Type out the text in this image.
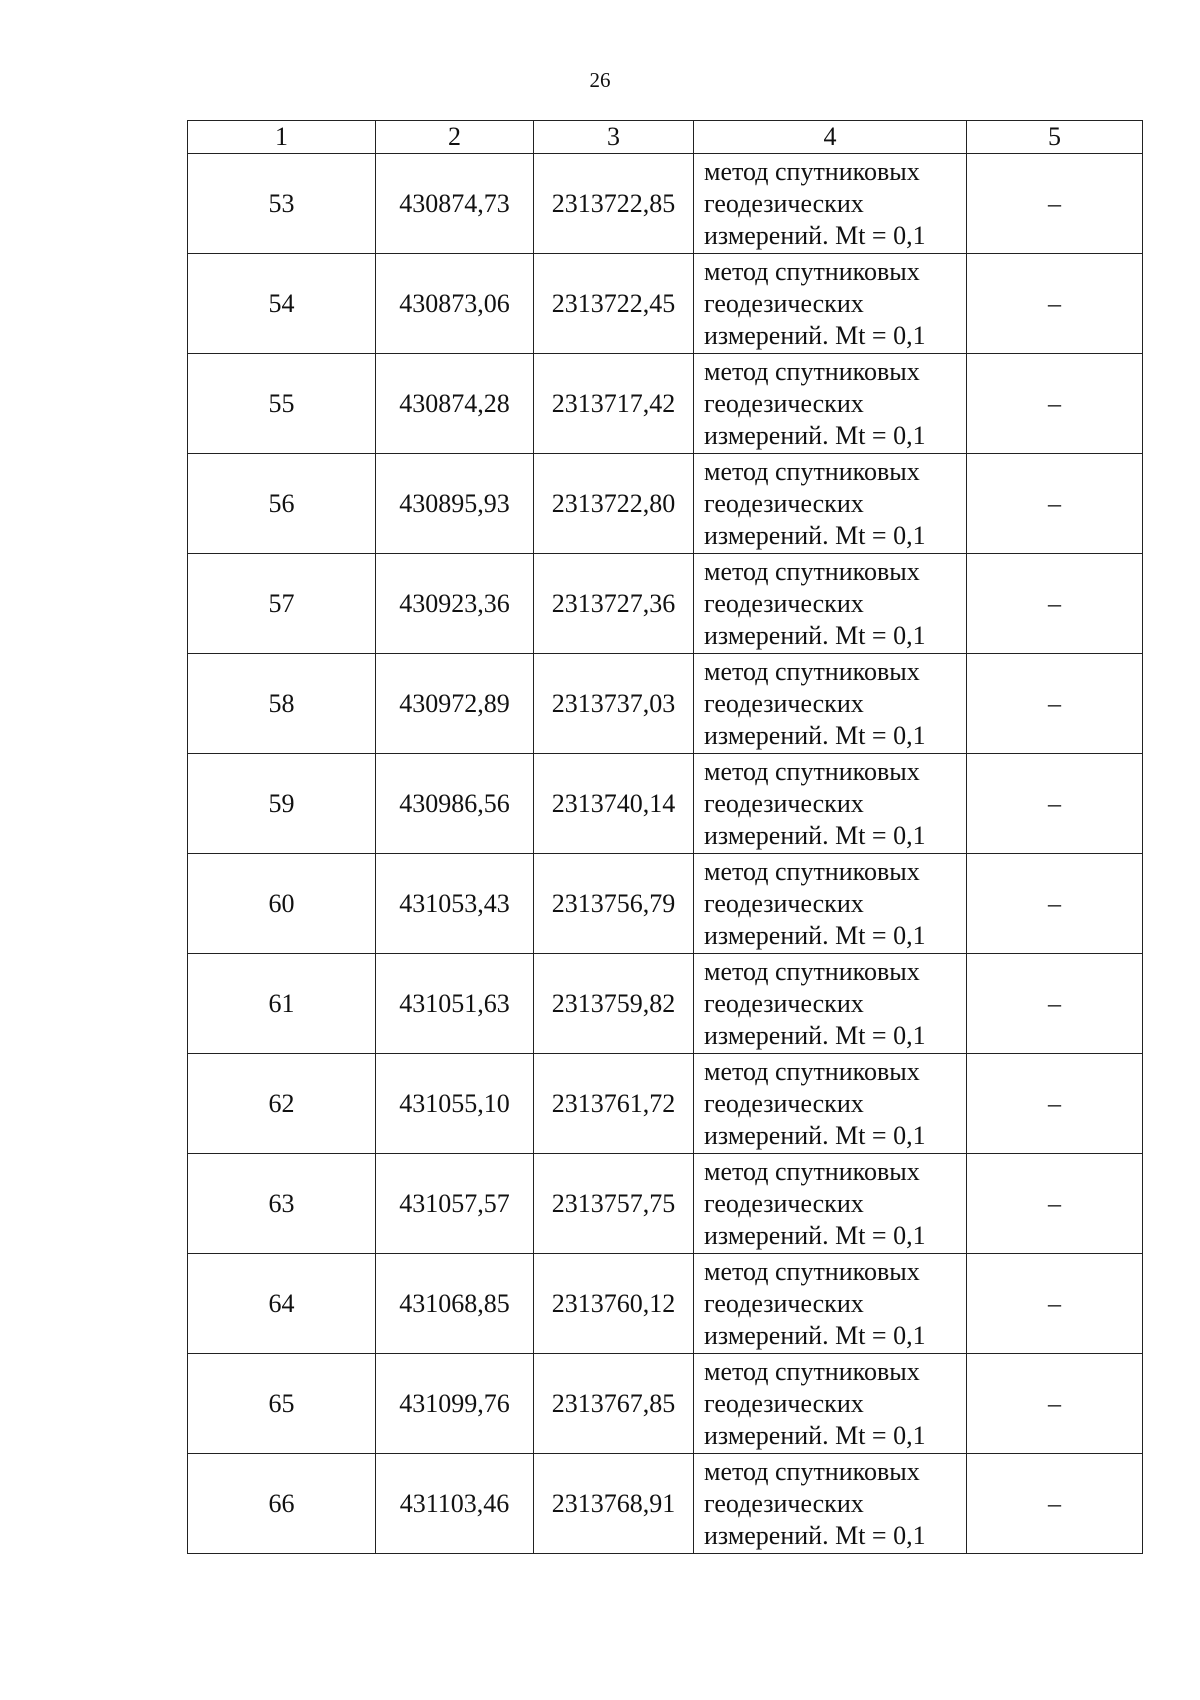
26
1	2	3	4	5
53	430874,73	2313722,85	метод спутниковых
геодезических
измерений. Mt = 0,1	–
54	430873,06	2313722,45	метод спутниковых
геодезических
измерений. Mt = 0,1	–
55	430874,28	2313717,42	метод спутниковых
геодезических
измерений. Mt = 0,1	–
56	430895,93	2313722,80	метод спутниковых
геодезических
измерений. Mt = 0,1	–
57	430923,36	2313727,36	метод спутниковых
геодезических
измерений. Mt = 0,1	–
58	430972,89	2313737,03	метод спутниковых
геодезических
измерений. Mt = 0,1	–
59	430986,56	2313740,14	метод спутниковых
геодезических
измерений. Mt = 0,1	–
60	431053,43	2313756,79	метод спутниковых
геодезических
измерений. Mt = 0,1	–
61	431051,63	2313759,82	метод спутниковых
геодезических
измерений. Mt = 0,1	–
62	431055,10	2313761,72	метод спутниковых
геодезических
измерений. Mt = 0,1	–
63	431057,57	2313757,75	метод спутниковых
геодезических
измерений. Mt = 0,1	–
64	431068,85	2313760,12	метод спутниковых
геодезических
измерений. Mt = 0,1	–
65	431099,76	2313767,85	метод спутниковых
геодезических
измерений. Mt = 0,1	–
66	431103,46	2313768,91	метод спутниковых
геодезических
измерений. Mt = 0,1	–
